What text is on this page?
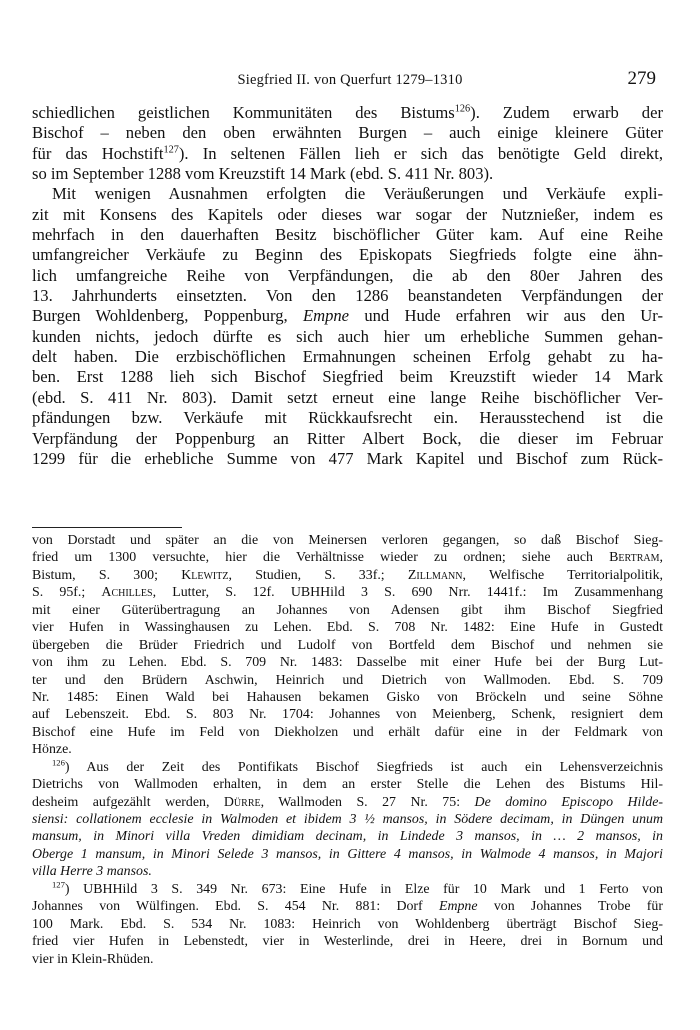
Siegfried II. von Querfurt 1279–1310	279
schiedlichen geistlichen Kommunitäten des Bistums$^{126}$). Zudem erwarb der
Bischof – neben den oben erwähnten Burgen – auch einige kleinere Güter
für das Hochstift$^{127}$). In seltenen Fällen lieh er sich das benötigte Geld direkt,
so im September 1288 vom Kreuzstift 14 Mark (ebd. S. 411 Nr. 803).
Mit wenigen Ausnahmen erfolgten die Veräußerungen und Verkäufe expli-
zit mit Konsens des Kapitels oder dieses war sogar der Nutznießer, indem es
mehrfach in den dauerhaften Besitz bischöflicher Güter kam. Auf eine Reihe
umfangreicher Verkäufe zu Beginn des Episkopats Siegfrieds folgte eine ähn-
lich umfangreiche Reihe von Verpfändungen, die ab den 80er Jahren des
13. Jahrhunderts einsetzten. Von den 1286 beanstandeten Verpfändungen der
Burgen Wohldenberg, Poppenburg, Empne und Hude erfahren wir aus den Ur-
kunden nichts, jedoch dürfte es sich auch hier um erhebliche Summen gehan-
delt haben. Die erzbischöflichen Ermahnungen scheinen Erfolg gehabt zu ha-
ben. Erst 1288 lieh sich Bischof Siegfried beim Kreuzstift wieder 14 Mark
(ebd. S. 411 Nr. 803). Damit setzt erneut eine lange Reihe bischöflicher Ver-
pfändungen bzw. Verkäufe mit Rückkaufsrecht ein. Herausstechend ist die
Verpfändung der Poppenburg an Ritter Albert Bock, die dieser im Februar
1299 für die erhebliche Summe von 477 Mark Kapitel und Bischof zum Rück-
von Dorstadt und später an die von Meinersen verloren gegangen, so daß Bischof Sieg-
fried um 1300 versuchte, hier die Verhältnisse wieder zu ordnen; siehe auch Bertram,
Bistum, S. 300; Klewitz, Studien, S. 33f.; Zillmann, Welfische Territorialpolitik,
S. 95f.; Achilles, Lutter, S. 12f. UBHHild 3 S. 690 Nrr. 1441f.: Im Zusammenhang
mit einer Güterübertragung an Johannes von Adensen gibt ihm Bischof Siegfried
vier Hufen in Wassinghausen zu Lehen. Ebd. S. 708 Nr. 1482: Eine Hufe in Gustedt
übergeben die Brüder Friedrich und Ludolf von Bortfeld dem Bischof und nehmen sie
von ihm zu Lehen. Ebd. S. 709 Nr. 1483: Dasselbe mit einer Hufe bei der Burg Lut-
ter und den Brüdern Aschwin, Heinrich und Dietrich von Wallmoden. Ebd. S. 709
Nr. 1485: Einen Wald bei Hahausen bekamen Gisko von Bröckeln und seine Söhne
auf Lebenszeit. Ebd. S. 803 Nr. 1704: Johannes von Meienberg, Schenk, resigniert dem
Bischof eine Hufe im Feld von Diekholzen und erhält dafür eine in der Feldmark von
Hönze.
$^{126}$) Aus der Zeit des Pontifikats Bischof Siegfrieds ist auch ein Lehensverzeichnis
Dietrichs von Wallmoden erhalten, in dem an erster Stelle die Lehen des Bistums Hil-
desheim aufgezählt werden, Dürre, Wallmoden S. 27 Nr. 75: De domino Episcopo Hilde-
siensi: collationem ecclesie in Walmoden et ibidem 3 ½ mansos, in Södere decimam, in Düngen unum
mansum, in Minori villa Vreden dimidiam decinam, in Lindede 3 mansos, in … 2 mansos, in
Oberge 1 mansum, in Minori Selede 3 mansos, in Gittere 4 mansos, in Walmode 4 mansos, in Majori
villa Herre 3 mansos.
$^{127}$) UBHHild 3 S. 349 Nr. 673: Eine Hufe in Elze für 10 Mark und 1 Ferto von
Johannes von Wülfingen. Ebd. S. 454 Nr. 881: Dorf Empne von Johannes Trobe für
100 Mark. Ebd. S. 534 Nr. 1083: Heinrich von Wohldenberg überträgt Bischof Sieg-
fried vier Hufen in Lebenstedt, vier in Westerlinde, drei in Heere, drei in Bornum und
vier in Klein-Rhüden.
